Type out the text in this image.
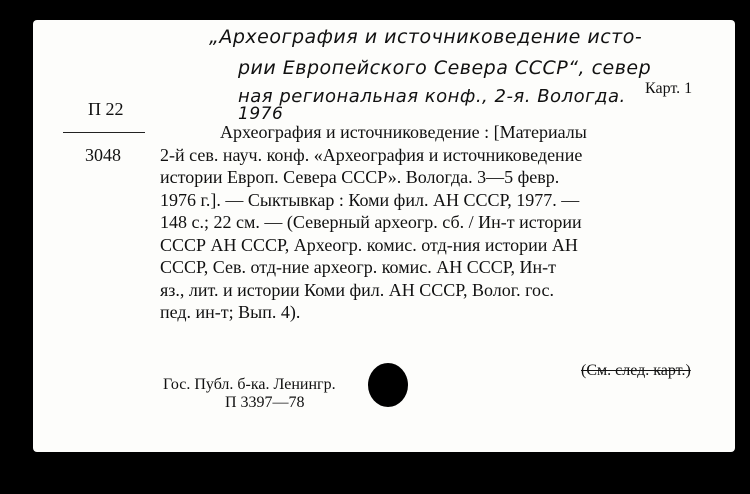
„Археография и источниковедение исто-
рии Европейского Севера СССР“, север
ная региональная конф., 2-я. Вологда.
1976
Карт. 1
П 22
3048
Археография и источниковедение : [Материалы
2-й сев. науч. конф. «Археография и источниковедение
истории Европ. Севера СССР». Вологда. 3—5 февр.
1976 г.]. — Сыктывкар : Коми фил. АН СССР, 1977. —
148 с.; 22 см. — (Северный археогр. сб. / Ин-т истории
СССР АН СССР, Археогр. комис. отд-ния истории АН
СССР, Сев. отд-ние археогр. комис. АН СССР, Ин-т
яз., лит. и истории Коми фил. АН СССР, Волог. гос.
пед. ин-т; Вып. 4).
(См. след. карт.)
Гос. Публ. б-ка. Ленингр.
П 3397—78
